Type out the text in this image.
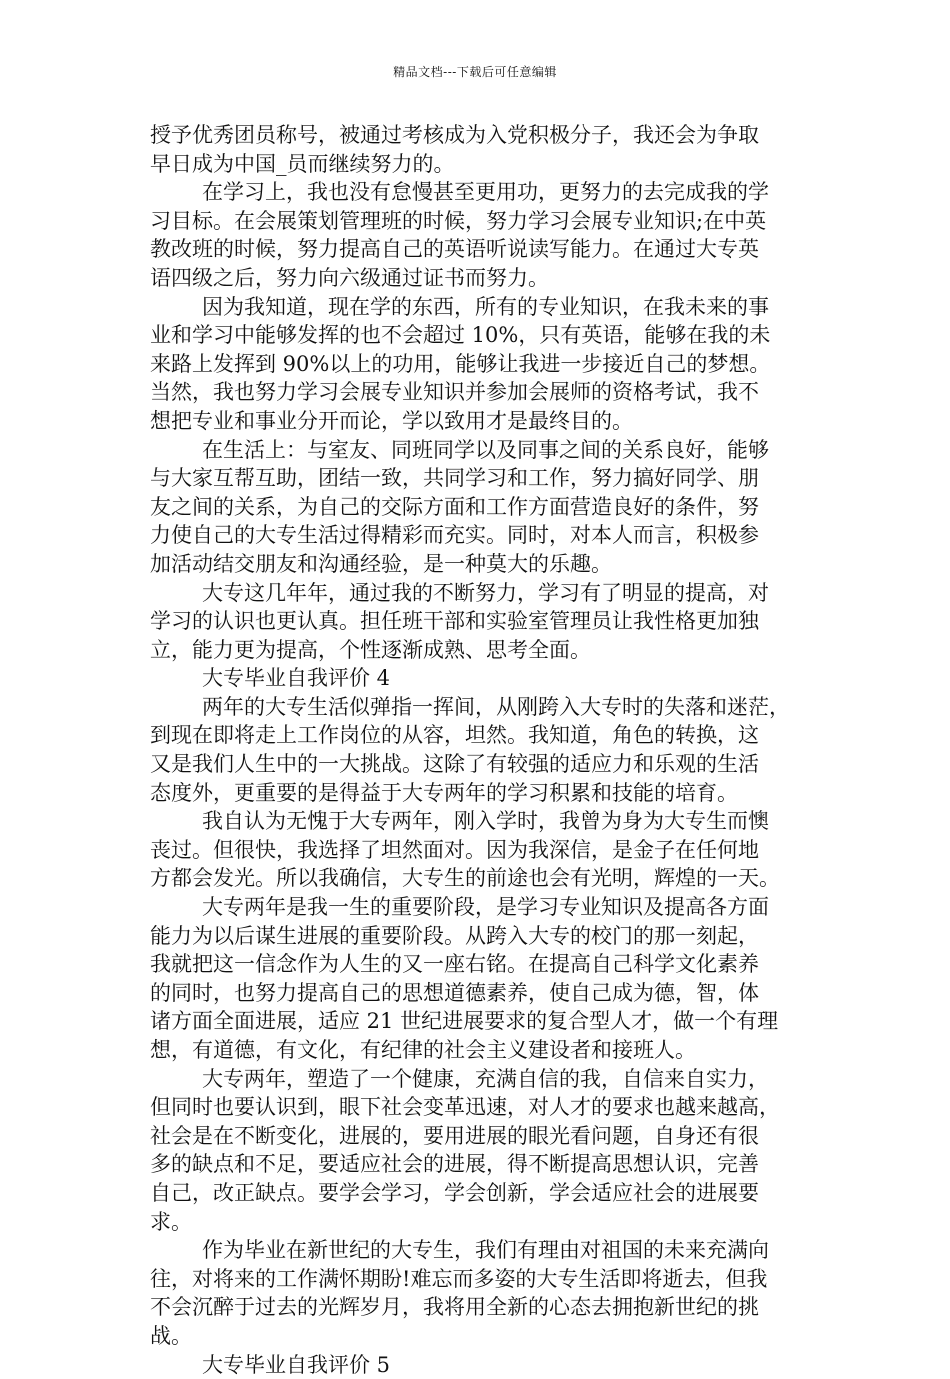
精品文档---下载后可任意编辑
授予优秀团员称号，被通过考核成为入党积极分子，我还会为争取
早日成为中国_员而继续努力的。
在学习上，我也没有怠慢甚至更用功，更努力的去完成我的学
习目标。在会展策划管理班的时候，努力学习会展专业知识;在中英
教改班的时候，努力提高自己的英语听说读写能力。在通过大专英
语四级之后，努力向六级通过证书而努力。
因为我知道，现在学的东西，所有的专业知识，在我未来的事
业和学习中能够发挥的也不会超过 10%，只有英语，能够在我的未
来路上发挥到 90%以上的功用，能够让我进一步接近自己的梦想。
当然，我也努力学习会展专业知识并参加会展师的资格考试，我不
想把专业和事业分开而论，学以致用才是最终目的。
在生活上：与室友、同班同学以及同事之间的关系良好，能够
与大家互帮互助，团结一致，共同学习和工作，努力搞好同学、朋
友之间的关系，为自己的交际方面和工作方面营造良好的条件，努
力使自己的大专生活过得精彩而充实。同时，对本人而言，积极参
加活动结交朋友和沟通经验，是一种莫大的乐趣。
大专这几年年，通过我的不断努力，学习有了明显的提高，对
学习的认识也更认真。担任班干部和实验室管理员让我性格更加独
立，能力更为提高，个性逐渐成熟、思考全面。
大专毕业自我评价 4
两年的大专生活似弹指一挥间，从刚跨入大专时的失落和迷茫，
到现在即将走上工作岗位的从容，坦然。我知道，角色的转换，这
又是我们人生中的一大挑战。这除了有较强的适应力和乐观的生活
态度外，更重要的是得益于大专两年的学习积累和技能的培育。
我自认为无愧于大专两年，刚入学时，我曾为身为大专生而懊
丧过。但很快，我选择了坦然面对。因为我深信，是金子在任何地
方都会发光。所以我确信，大专生的前途也会有光明，辉煌的一天。
大专两年是我一生的重要阶段，是学习专业知识及提高各方面
能力为以后谋生进展的重要阶段。从跨入大专的校门的那一刻起，
我就把这一信念作为人生的又一座右铭。在提高自己科学文化素养
的同时，也努力提高自己的思想道德素养，使自己成为德，智，体
诸方面全面进展，适应 21 世纪进展要求的复合型人才，做一个有理
想，有道德，有文化，有纪律的社会主义建设者和接班人。
大专两年，塑造了一个健康，充满自信的我，自信来自实力，
但同时也要认识到，眼下社会变革迅速，对人才的要求也越来越高，
社会是在不断变化，进展的，要用进展的眼光看问题，自身还有很
多的缺点和不足，要适应社会的进展，得不断提高思想认识，完善
自己，改正缺点。要学会学习，学会创新，学会适应社会的进展要
求。
作为毕业在新世纪的大专生，我们有理由对祖国的未来充满向
往，对将来的工作满怀期盼!难忘而多姿的大专生活即将逝去，但我
不会沉醉于过去的光辉岁月，我将用全新的心态去拥抱新世纪的挑
战。
大专毕业自我评价 5
